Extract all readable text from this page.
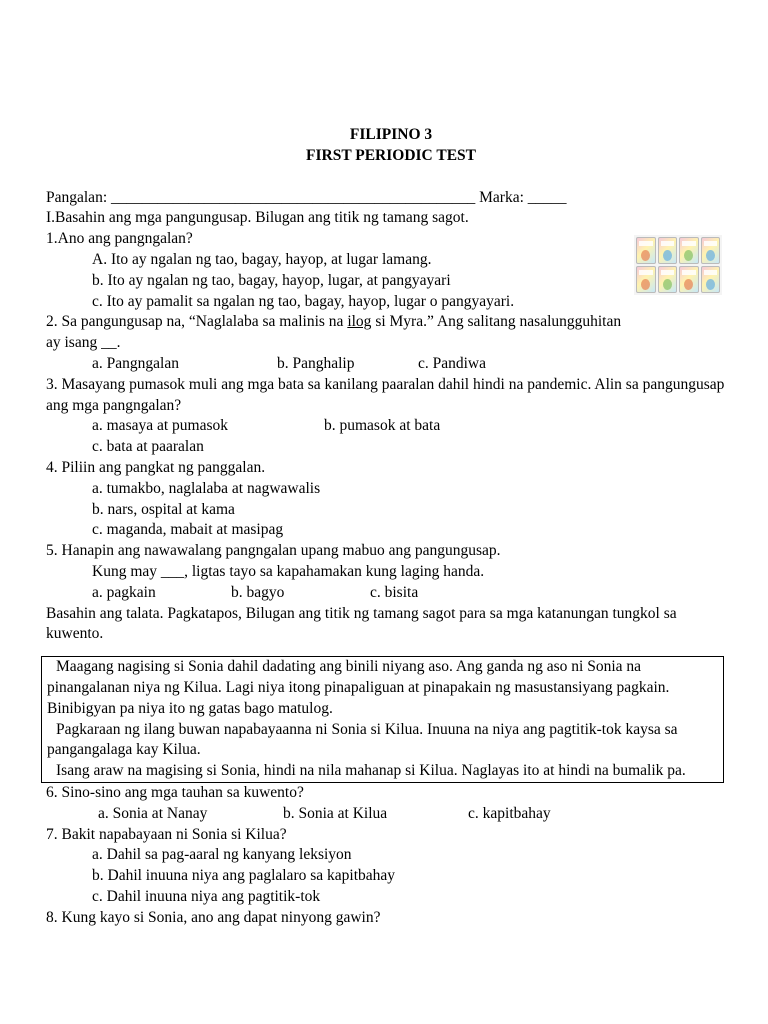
FILIPINO 3
FIRST PERIODIC TEST
Pangalan: _______________________________________________ Marka: _____
I.Basahin ang mga pangungusap. Bilugan ang titik ng tamang sagot.
1.Ano ang pangngalan?
A. Ito ay ngalan ng tao, bagay, hayop, at lugar lamang.
b. Ito ay ngalan ng tao, bagay, hayop, lugar, at pangyayari
c. Ito ay pamalit sa ngalan ng tao, bagay, hayop, lugar o pangyayari.
2. Sa pangungusap na, “Naglalaba sa malinis na ilog si Myra.” Ang salitang nasalungguhitan
ay isang __.
a. Pangngalan	b. Panghalip	c. Pandiwa
3. Masayang pumasok muli ang mga bata sa kanilang paaralan dahil hindi na pandemic. Alin sa pangungusap ang mga pangngalan?
a. masaya at pumasok	b. pumasok at bata
c. bata at paaralan
4. Piliin ang pangkat ng panggalan.
a. tumakbo, naglalaba at nagwawalis
b. nars, ospital at kama
c. maganda, mabait at masipag
5. Hanapin ang nawawalang pangngalan upang mabuo ang pangungusap.
Kung may ___, ligtas tayo sa kapahamakan kung laging handa.
a. pagkain	b. bagyo	c. bisita
Basahin ang talata. Pagkatapos, Bilugan ang titik ng tamang sagot para sa mga katanungan tungkol sa kuwento.

Maagang nagising si Sonia dahil dadating ang binili niyang aso. Ang ganda ng aso ni Sonia na pinangalanan niya ng Kilua. Lagi niya itong pinapaliguan at pinapakain ng masustansiyang pagkain. Binibigyan pa niya ito ng gatas bago matulog.

Pagkaraan ng ilang buwan napabayaanna ni Sonia si Kilua. Inuuna na niya ang pagtitik-tok kaysa sa pangangalaga kay Kilua.

Isang araw na magising si Sonia, hindi na nila mahanap si Kilua. Naglayas ito at hindi na bumalik pa.

6. Sino-sino ang mga tauhan sa kuwento?
a. Sonia at Nanay	b. Sonia at Kilua	c. kapitbahay
7. Bakit napabayaan ni Sonia si Kilua?
a. Dahil sa pag-aaral ng kanyang leksiyon
b. Dahil inuuna niya ang paglalaro sa kapitbahay
c. Dahil inuuna niya ang pagtitik-tok
8. Kung kayo si Sonia, ano ang dapat ninyong gawin?
